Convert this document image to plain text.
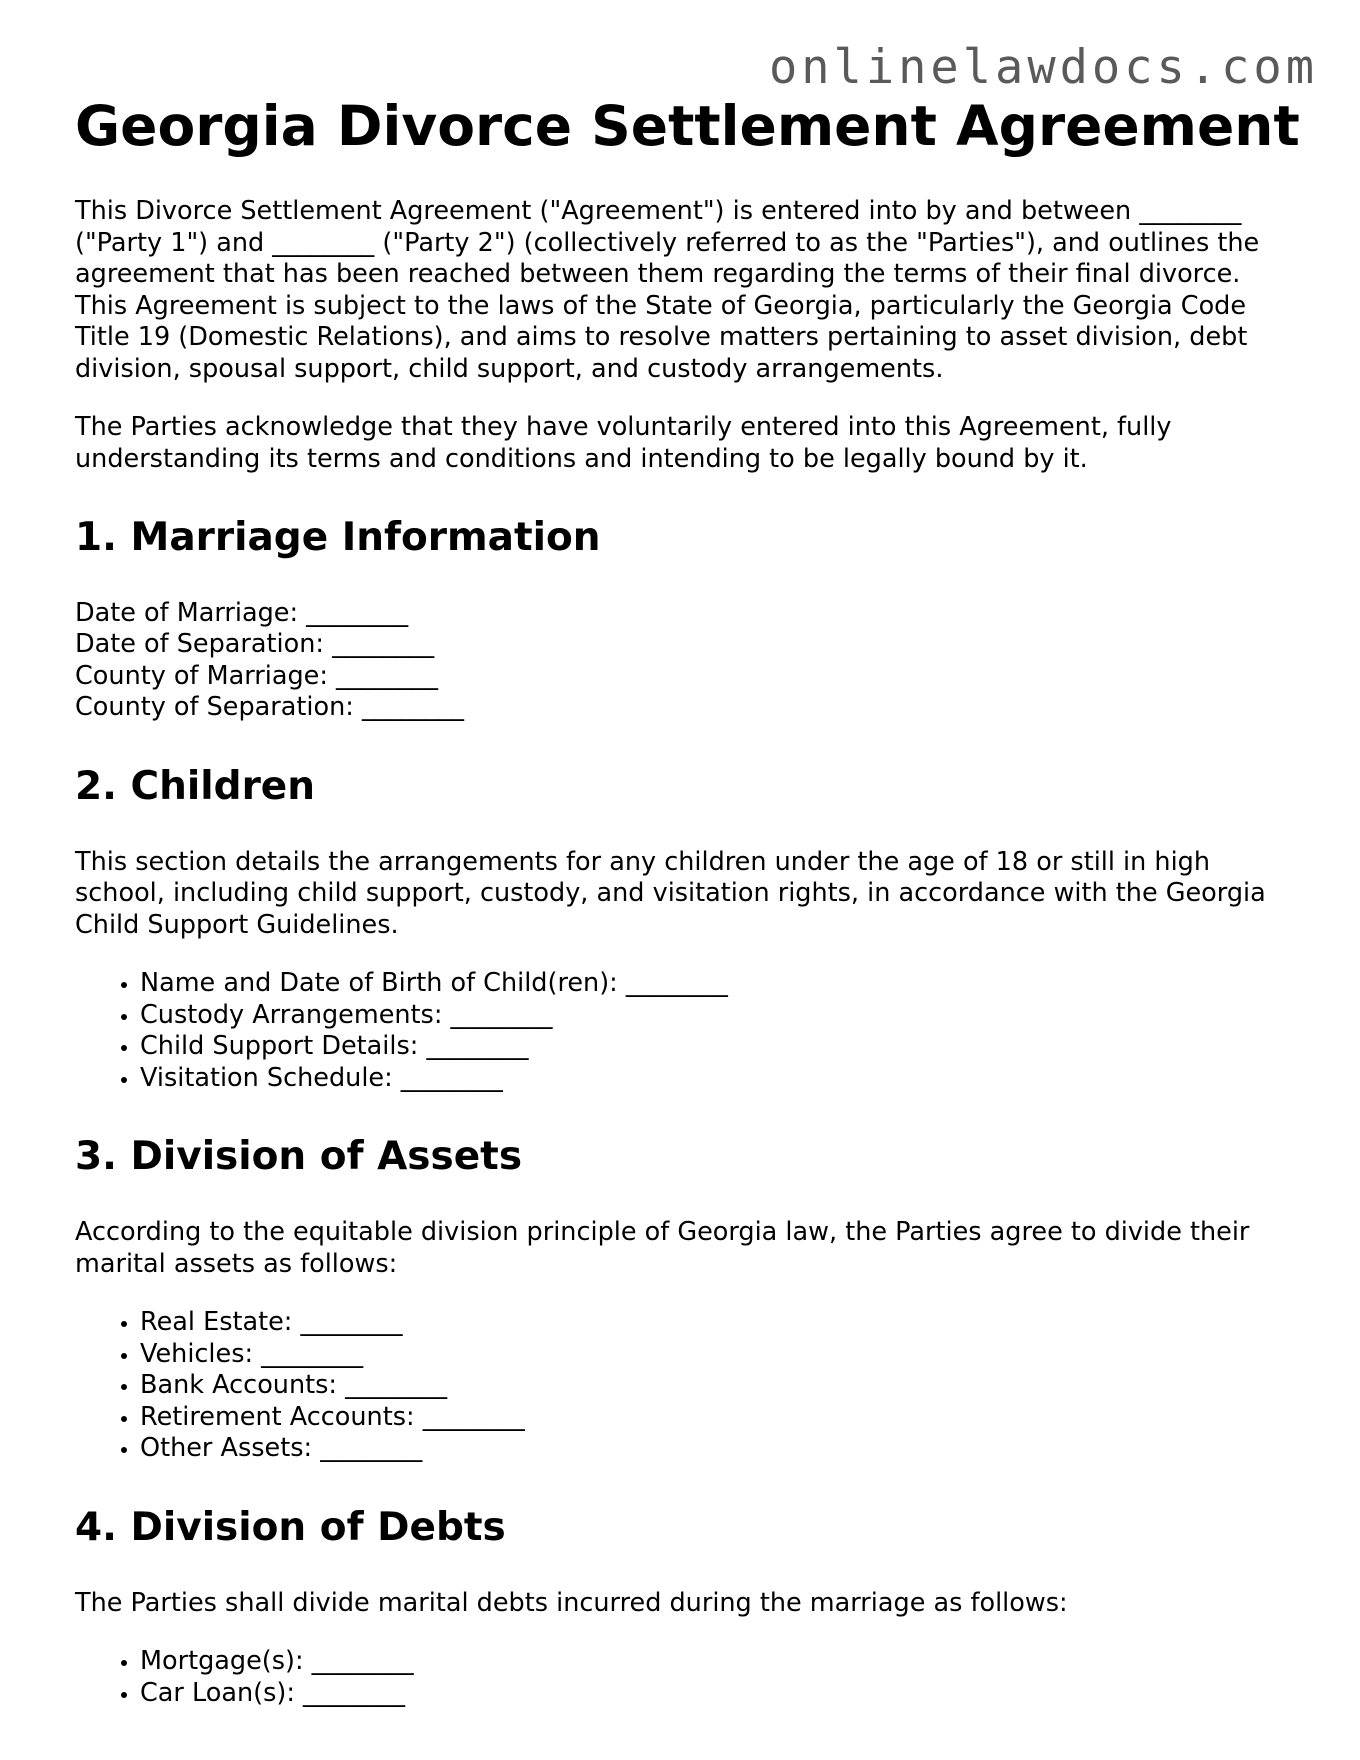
onlinelawdocs.com
Georgia Divorce Settlement Agreement

This Divorce Settlement Agreement ("Agreement") is entered into by and between ________ ("Party 1") and ________ ("Party 2") (collectively referred to as the "Parties"), and outlines the agreement that has been reached between them regarding the terms of their final divorce. This Agreement is subject to the laws of the State of Georgia, particularly the Georgia Code Title 19 (Domestic Relations), and aims to resolve matters pertaining to asset division, debt division, spousal support, child support, and custody arrangements.

The Parties acknowledge that they have voluntarily entered into this Agreement, fully understanding its terms and conditions and intending to be legally bound by it.

1. Marriage Information
Date of Marriage: ________
Date of Separation: ________
County of Marriage: ________
County of Separation: ________
2. Children

This section details the arrangements for any children under the age of 18 or still in high school, including child support, custody, and visitation rights, in accordance with the Georgia Child Support Guidelines.

• Name and Date of Birth of Child(ren): ________
• Custody Arrangements: ________
• Child Support Details: ________
• Visitation Schedule: ________
3. Division of Assets

According to the equitable division principle of Georgia law, the Parties agree to divide their marital assets as follows:

• Real Estate: ________
• Vehicles: ________
• Bank Accounts: ________
• Retirement Accounts: ________
• Other Assets: ________
4. Division of Debts

The Parties shall divide marital debts incurred during the marriage as follows:

• Mortgage(s): ________
• Car Loan(s): ________
